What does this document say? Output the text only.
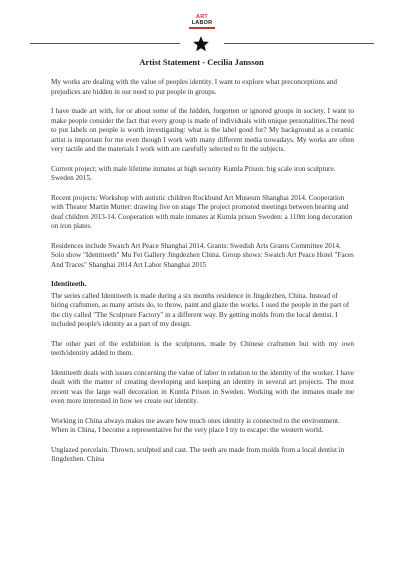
ART
LABOR
Artist Statement - Cecilia Jansson

My works are dealing with the value of peoples identity. I want to explore what preconceptions and prejudices are hidden in our need to put people in groups.

I have made art with, for or about some of the hidden, forgotten or ignored groups in society. I want to make people consider the fact that every group is made of individuals with unique personalities.The need to put labels on people is worth investigating: what is the label good for? My background as a ceramic artist is important for me even though I work with many different media nowadays. My works are often very tactile and the materials I work with are carefully selected to fit the subjects.

Current project: with male lifetime inmates at high security Kumla Prison: big scale iron sculpture. Sweden 2015.

Recent projects: Workshop with autistic children Rockbund Art Museum Shanghai 2014. Cooperation with Theater Martin Mutter: drawing live on stage The project promoted meetings between hearing and deaf children 2013-14. Cooperation with male inmates at Kumla prison Sweden: a 110m long decoration on iron plates.

Residences include Swatch Art Peace Shanghai 2014. Grants: Swedish Arts Grants Committee 2014. Solo show "Identiteeth" Mu Fei Gallery Jingdezhen China. Group shows: Swatch Art Peace Hotel "Faces And Traces" Shanghai 2014 Art Labor Shanghai 2015

Identiteeth.

The series called Identiteeth is made during a six months residence in Jingdezhen, China. Instead of hiring craftsmen, as many artists do, to throw, paint and glaze the works. I used the people in the part of the city called "The Sculpture Factory" in a different way. By getting molds from the local dentist. I included people's identity as a part of my design.

The other part of the exhibition is the sculptures, made by Chinese craftsmen but with my own teeth/identity added to them.

Identiteeth deals with issues concerning the value of labor in relation to the identity of the worker. I have dealt with the matter of creating developing and keeping an identity in several art projects. The most recent was the large wall decoration in Kumla Prison in Sweden. Working with the inmates made me even more interested in how we create our identity.

Working in China always makes me aware how much ones identity is connected to the environment. When in China, I become a representative for the very place I try to escape: the western world.

Unglazed porcelain. Thrown, sculpted and cast. The teeth are made from molds from a local dentist in Jingdezhen. China
